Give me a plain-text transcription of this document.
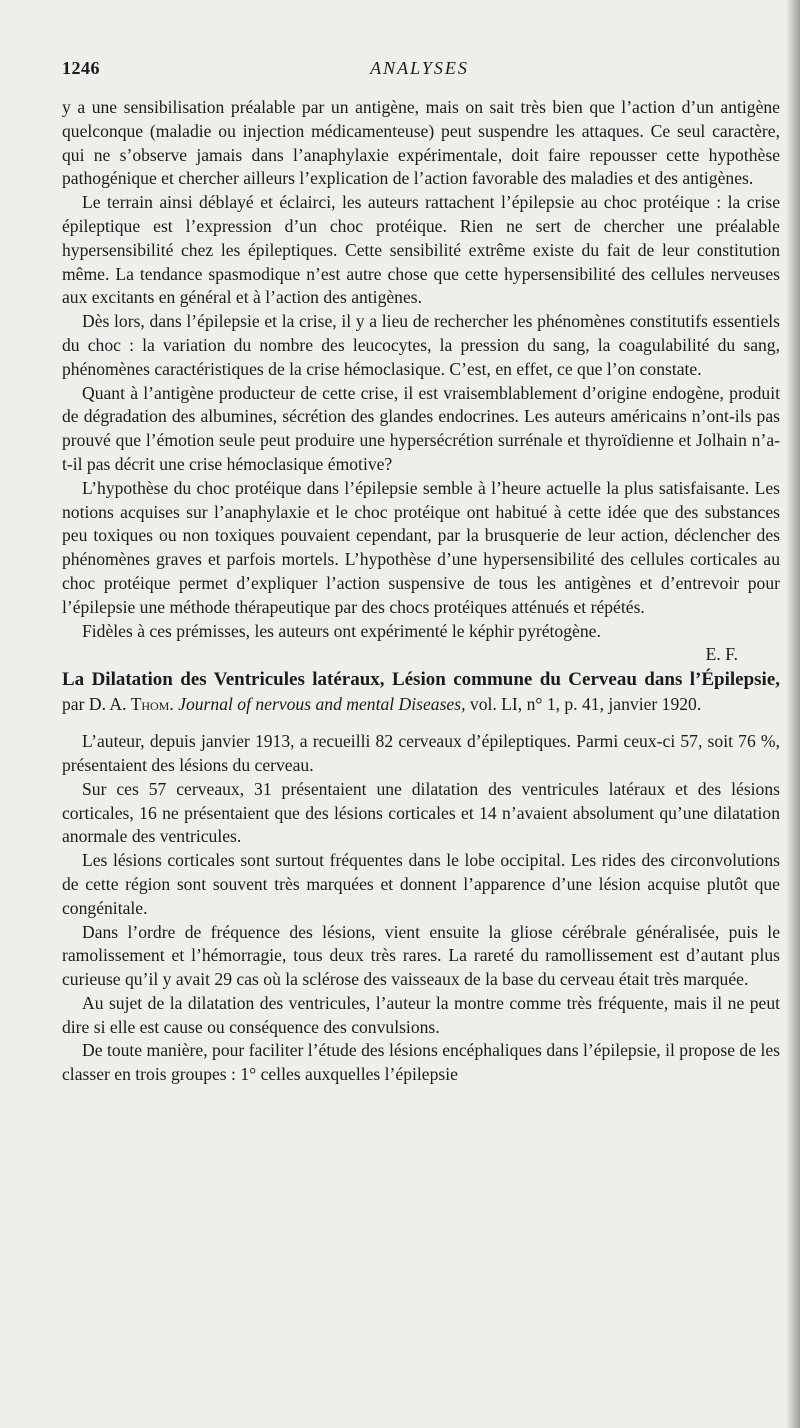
1246	ANALYSES

y a une sensibilisation préalable par un antigène, mais on sait très bien que l’action d’un antigène quelconque (maladie ou injection médicamenteuse) peut suspendre les attaques. Ce seul caractère, qui ne s’observe jamais dans l’anaphylaxie expérimentale, doit faire repousser cette hypothèse pathogénique et chercher ailleurs l’explication de l’action favorable des maladies et des antigènes.

Le terrain ainsi déblayé et éclairci, les auteurs rattachent l’épilepsie au choc protéique : la crise épileptique est l’expression d’un choc protéique. Rien ne sert de chercher une préalable hypersensibilité chez les épileptiques. Cette sensibilité extrême existe du fait de leur constitution même. La tendance spasmodique n’est autre chose que cette hypersensibilité des cellules nerveuses aux excitants en général et à l’action des antigènes.

Dès lors, dans l’épilepsie et la crise, il y a lieu de rechercher les phénomènes constitutifs essentiels du choc : la variation du nombre des leucocytes, la pression du sang, la coagulabilité du sang, phénomènes caractéristiques de la crise hémoclasique. C’est, en effet, ce que l’on constate.

Quant à l’antigène producteur de cette crise, il est vraisemblablement d’origine endogène, produit de dégradation des albumines, sécrétion des glandes endocrines. Les auteurs américains n’ont-ils pas prouvé que l’émotion seule peut produire une hypersécrétion surrénale et thyroïdienne et Jolhain n’a-t-il pas décrit une crise hémoclasique émotive?

L’hypothèse du choc protéique dans l’épilepsie semble à l’heure actuelle la plus satisfaisante. Les notions acquises sur l’anaphylaxie et le choc protéique ont habitué à cette idée que des substances peu toxiques ou non toxiques pouvaient cependant, par la brusquerie de leur action, déclencher des phénomènes graves et parfois mortels. L’hypothèse d’une hypersensibilité des cellules corticales au choc protéique permet d’expliquer l’action suspensive de tous les antigènes et d’entrevoir pour l’épilepsie une méthode thérapeutique par des chocs protéiques atténués et répétés.

Fidèles à ces prémisses, les auteurs ont expérimenté le képhir pyrétogène.

E. F.

La Dilatation des Ventricules latéraux, Lésion commune du Cerveau dans l’Épilepsie, par D. A. Thom. Journal of nervous and mental Diseases, vol. LI, n° 1, p. 41, janvier 1920.

L’auteur, depuis janvier 1913, a recueilli 82 cerveaux d’épileptiques. Parmi ceux-ci 57, soit 76 %, présentaient des lésions du cerveau.

Sur ces 57 cerveaux, 31 présentaient une dilatation des ventricules latéraux et des lésions corticales, 16 ne présentaient que des lésions corticales et 14 n’avaient absolument qu’une dilatation anormale des ventricules.

Les lésions corticales sont surtout fréquentes dans le lobe occipital. Les rides des circonvolutions de cette région sont souvent très marquées et donnent l’apparence d’une lésion acquise plutôt que congénitale.

Dans l’ordre de fréquence des lésions, vient ensuite la gliose cérébrale généralisée, puis le ramolissement et l’hémorragie, tous deux très rares. La rareté du ramollissement est d’autant plus curieuse qu’il y avait 29 cas où la sclérose des vaisseaux de la base du cerveau était très marquée.

Au sujet de la dilatation des ventricules, l’auteur la montre comme très fréquente, mais il ne peut dire si elle est cause ou conséquence des convulsions.

De toute manière, pour faciliter l’étude des lésions encéphaliques dans l’épilepsie, il propose de les classer en trois groupes : 1° celles auxquelles l’épilepsie
